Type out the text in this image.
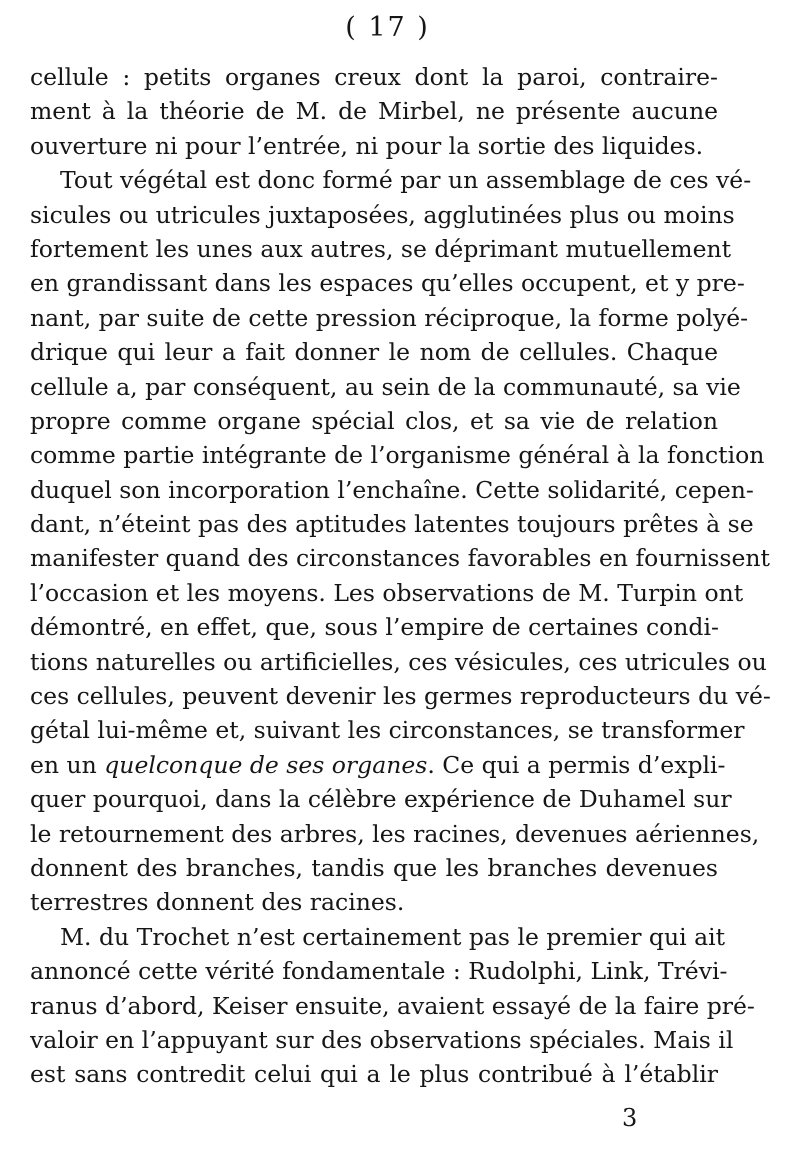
( 17 )
cellule : petits organes creux dont la paroi, contraire-
ment à la théorie de M. de Mirbel, ne présente aucune
ouverture ni pour l’entrée, ni pour la sortie des liquides.
Tout végétal est donc formé par un assemblage de ces vé-
sicules ou utricules juxtaposées, agglutinées plus ou moins
fortement les unes aux autres, se déprimant mutuellement
en grandissant dans les espaces qu’elles occupent, et y pre-
nant, par suite de cette pression réciproque, la forme polyé-
drique qui leur a fait donner le nom de cellules. Chaque
cellule a, par conséquent, au sein de la communauté, sa vie
propre comme organe spécial clos, et sa vie de relation
comme partie intégrante de l’organisme général à la fonction
duquel son incorporation l’enchaîne. Cette solidarité, cepen-
dant, n’éteint pas des aptitudes latentes toujours prêtes à se
manifester quand des circonstances favorables en fournissent
l’occasion et les moyens. Les observations de M. Turpin ont
démontré, en effet, que, sous l’empire de certaines condi-
tions naturelles ou artificielles, ces vésicules, ces utricules ou
ces cellules, peuvent devenir les germes reproducteurs du vé-
gétal lui-même et, suivant les circonstances, se transformer
en un quelconque de ses organes. Ce qui a permis d’expli-
quer pourquoi, dans la célèbre expérience de Duhamel sur
le retournement des arbres, les racines, devenues aériennes,
donnent des branches, tandis que les branches devenues
terrestres donnent des racines.
M. du Trochet n’est certainement pas le premier qui ait
annoncé cette vérité fondamentale : Rudolphi, Link, Trévi-
ranus d’abord, Keiser ensuite, avaient essayé de la faire pré-
valoir en l’appuyant sur des observations spéciales. Mais il
est sans contredit celui qui a le plus contribué à l’établir
3
